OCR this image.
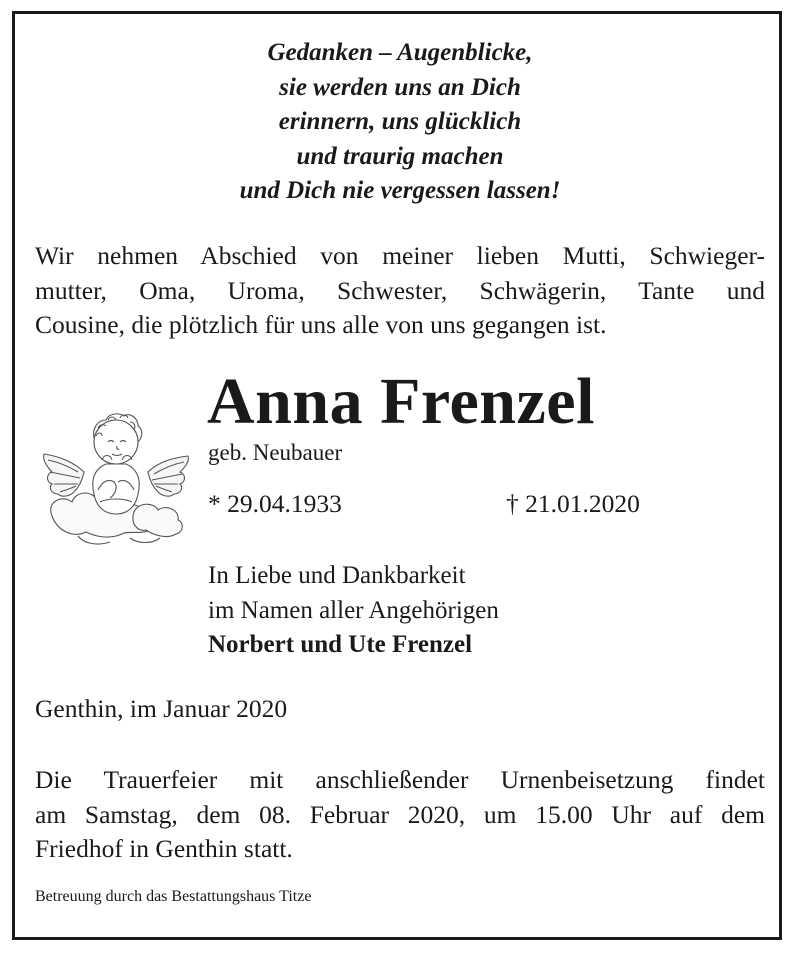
Gedanken – Augenblicke,
sie werden uns an Dich
erinnern, uns glücklich
und traurig machen
und Dich nie vergessen lassen!
Wir nehmen Abschied von meiner lieben Mutti, Schwieger-
mutter, Oma, Uroma, Schwester, Schwägerin, Tante und
Cousine, die plötzlich für uns alle von uns gegangen ist.
Anna Frenzel
geb. Neubauer
* 29.04.1933	† 21.01.2020
In Liebe und Dankbarkeit
im Namen aller Angehörigen
Norbert und Ute Frenzel
Genthin, im Januar 2020
Die Trauerfeier mit anschließender Urnenbeisetzung findet
am Samstag, dem 08. Februar 2020, um 15.00 Uhr auf dem
Friedhof in Genthin statt.
Betreuung durch das Bestattungshaus Titze
